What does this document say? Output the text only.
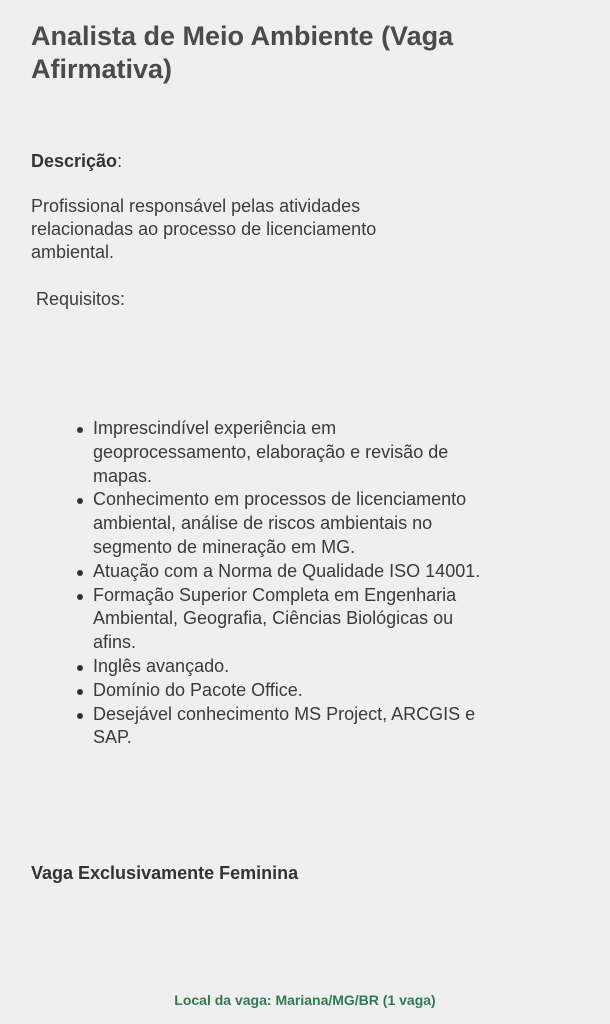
Analista de Meio Ambiente (Vaga Afirmativa)

Descrição:

Profissional responsável pelas atividades relacionadas ao processo de licenciamento ambiental.

Requisitos:

Imprescindível experiência em geoprocessamento, elaboração e revisão de mapas.
Conhecimento em processos de licenciamento ambiental, análise de riscos ambientais no segmento de mineração em MG.
Atuação com a Norma de Qualidade ISO 14001.
Formação Superior Completa em Engenharia Ambiental, Geografia, Ciências Biológicas ou afins.
Inglês avançado.
Domínio do Pacote Office.
Desejável conhecimento MS Project, ARCGIS e SAP.

Vaga Exclusivamente Feminina

Local da vaga: Mariana/MG/BR (1 vaga)
